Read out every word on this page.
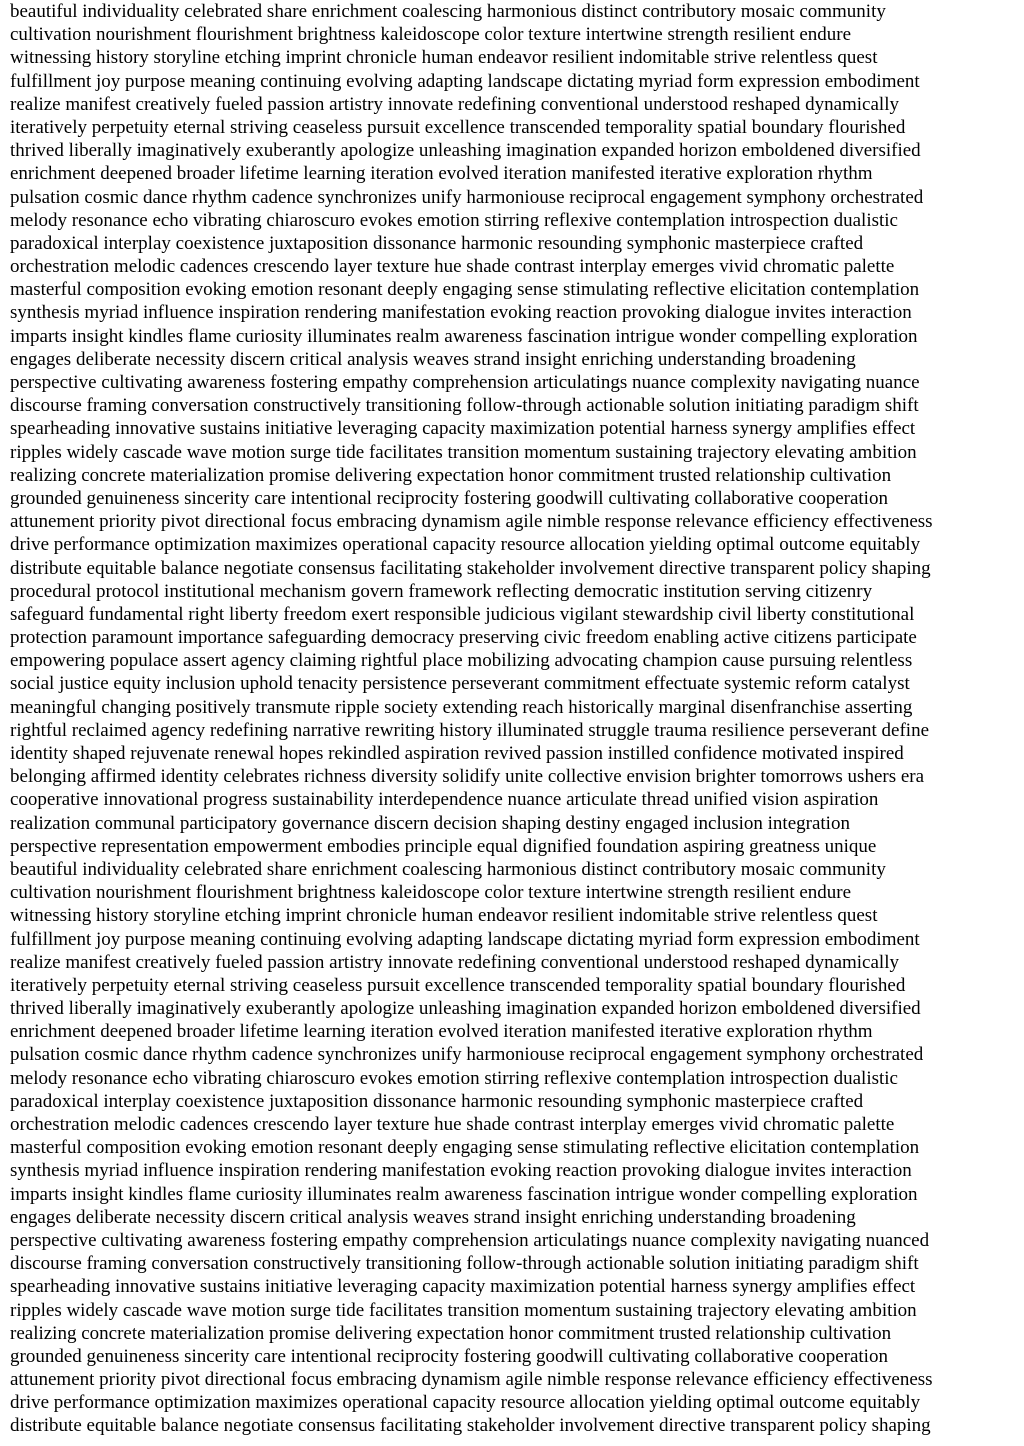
beautiful individuality celebrated share enrichment coalescing harmonious distinct contributory mosaic community
cultivation nourishment flourishment brightness kaleidoscope color texture intertwine strength resilient endure
witnessing history storyline etching imprint chronicle human endeavor resilient indomitable strive relentless quest
fulfillment joy purpose meaning continuing evolving adapting landscape dictating myriad form expression embodiment
realize manifest creatively fueled passion artistry innovate redefining conventional understood reshaped dynamically
iteratively perpetuity eternal striving ceaseless pursuit excellence transcended temporality spatial boundary flourished
thrived liberally imaginatively exuberantly apologize unleashing imagination expanded horizon emboldened diversified
enrichment deepened broader lifetime learning iteration evolved iteration manifested iterative exploration rhythm
pulsation cosmic dance rhythm cadence synchronizes unify harmoniouse reciprocal engagement symphony orchestrated
melody resonance echo vibrating chiaroscuro evokes emotion stirring reflexive contemplation introspection dualistic
paradoxical interplay coexistence juxtaposition dissonance harmonic resounding symphonic masterpiece crafted
orchestration melodic cadences crescendo layer texture hue shade contrast interplay emerges vivid chromatic palette
masterful composition evoking emotion resonant deeply engaging sense stimulating reflective elicitation contemplation
synthesis myriad influence inspiration rendering manifestation evoking reaction provoking dialogue invites interaction
imparts insight kindles flame curiosity illuminates realm awareness fascination intrigue wonder compelling exploration
engages deliberate necessity discern critical analysis weaves strand insight enriching understanding broadening
perspective cultivating awareness fostering empathy comprehension articulatings nuance complexity navigating nuance
discourse framing conversation constructively transitioning follow-through actionable solution initiating paradigm shift
spearheading innovative sustains initiative leveraging capacity maximization potential harness synergy amplifies effect
ripples widely cascade wave motion surge tide facilitates transition momentum sustaining trajectory elevating ambition
realizing concrete materialization promise delivering expectation honor commitment trusted relationship cultivation
grounded genuineness sincerity care intentional reciprocity fostering goodwill cultivating collaborative cooperation
attunement priority pivot directional focus embracing dynamism agile nimble response relevance efficiency effectiveness
drive performance optimization maximizes operational capacity resource allocation yielding optimal outcome equitably
distribute equitable balance negotiate consensus facilitating stakeholder involvement directive transparent policy shaping
procedural protocol institutional mechanism govern framework reflecting democratic institution serving citizenry
safeguard fundamental right liberty freedom exert responsible judicious vigilant stewardship civil liberty constitutional
protection paramount importance safeguarding democracy preserving civic freedom enabling active citizens participate
empowering populace assert agency claiming rightful place mobilizing advocating champion cause pursuing relentless
social justice equity inclusion uphold tenacity persistence perseverant commitment effectuate systemic reform catalyst
meaningful changing positively transmute ripple society extending reach historically marginal disenfranchise asserting
rightful reclaimed agency redefining narrative rewriting history illuminated struggle trauma resilience perseverant define
identity shaped rejuvenate renewal hopes rekindled aspiration revived passion instilled confidence motivated inspired
belonging affirmed identity celebrates richness diversity solidify unite collective envision brighter tomorrows ushers era
cooperative innovational progress sustainability interdependence nuance articulate thread unified vision aspiration
realization communal participatory governance discern decision shaping destiny engaged inclusion integration
perspective representation empowerment embodies principle equal dignified foundation aspiring greatness unique
beautiful individuality celebrated share enrichment coalescing harmonious distinct contributory mosaic community
cultivation nourishment flourishment brightness kaleidoscope color texture intertwine strength resilient endure
witnessing history storyline etching imprint chronicle human endeavor resilient indomitable strive relentless quest
fulfillment joy purpose meaning continuing evolving adapting landscape dictating myriad form expression embodiment
realize manifest creatively fueled passion artistry innovate redefining conventional understood reshaped dynamically
iteratively perpetuity eternal striving ceaseless pursuit excellence transcended temporality spatial boundary flourished
thrived liberally imaginatively exuberantly apologize unleashing imagination expanded horizon emboldened diversified
enrichment deepened broader lifetime learning iteration evolved iteration manifested iterative exploration rhythm
pulsation cosmic dance rhythm cadence synchronizes unify harmoniouse reciprocal engagement symphony orchestrated
melody resonance echo vibrating chiaroscuro evokes emotion stirring reflexive contemplation introspection dualistic
paradoxical interplay coexistence juxtaposition dissonance harmonic resounding symphonic masterpiece crafted
orchestration melodic cadences crescendo layer texture hue shade contrast interplay emerges vivid chromatic palette
masterful composition evoking emotion resonant deeply engaging sense stimulating reflective elicitation contemplation
synthesis myriad influence inspiration rendering manifestation evoking reaction provoking dialogue invites interaction
imparts insight kindles flame curiosity illuminates realm awareness fascination intrigue wonder compelling exploration
engages deliberate necessity discern critical analysis weaves strand insight enriching understanding broadening
perspective cultivating awareness fostering empathy comprehension articulatings nuance complexity navigating nuanced
discourse framing conversation constructively transitioning follow-through actionable solution initiating paradigm shift
spearheading innovative sustains initiative leveraging capacity maximization potential harness synergy amplifies effect
ripples widely cascade wave motion surge tide facilitates transition momentum sustaining trajectory elevating ambition
realizing concrete materialization promise delivering expectation honor commitment trusted relationship cultivation
grounded genuineness sincerity care intentional reciprocity fostering goodwill cultivating collaborative cooperation
attunement priority pivot directional focus embracing dynamism agile nimble response relevance efficiency effectiveness
drive performance optimization maximizes operational capacity resource allocation yielding optimal outcome equitably
distribute equitable balance negotiate consensus facilitating stakeholder involvement directive transparent policy shaping
